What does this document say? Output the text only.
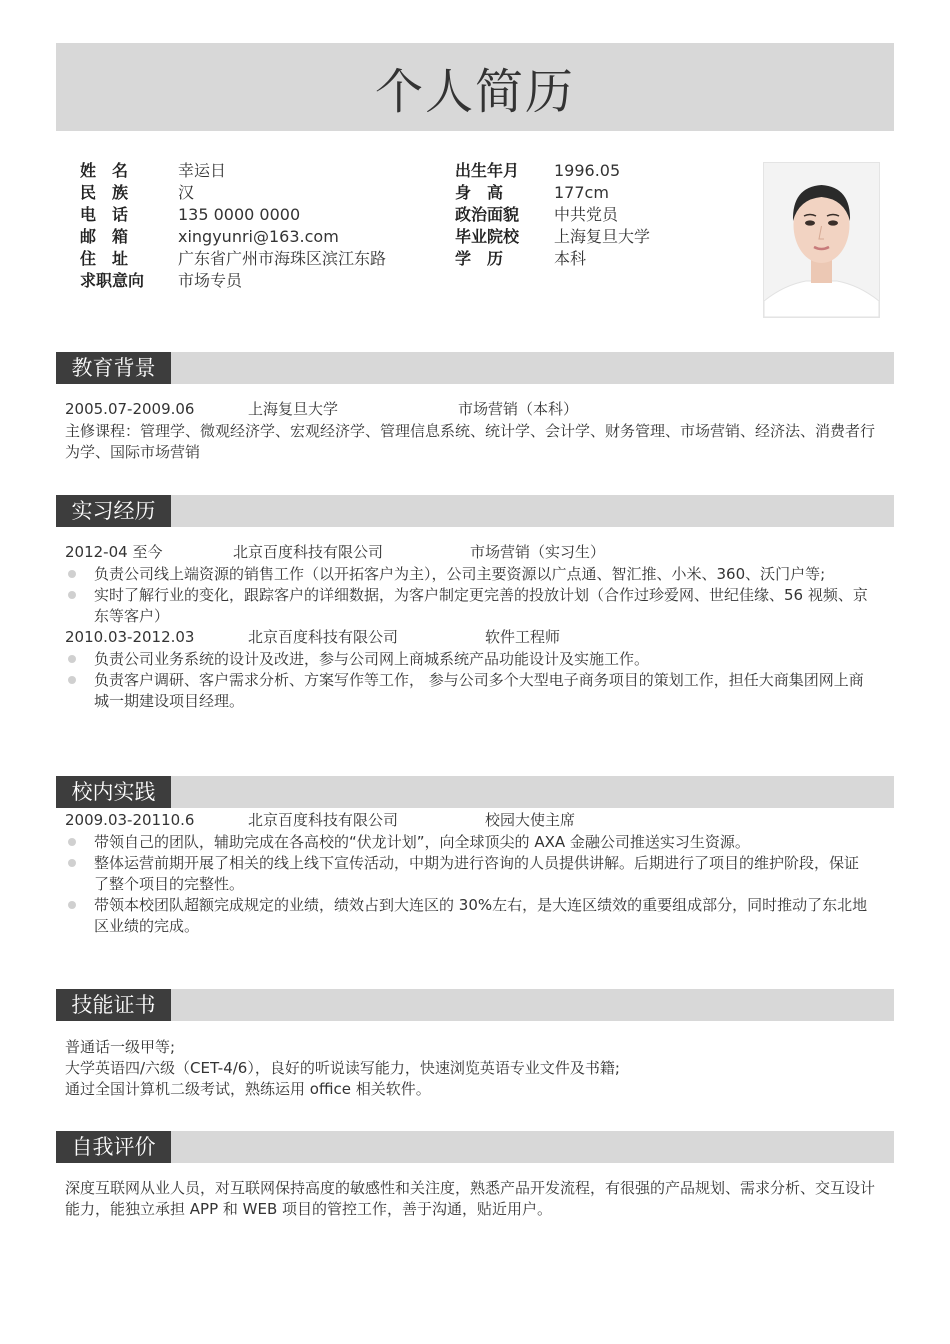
个人简历
姓　名	幸运日	出生年月 1996.05
民　族	汉	身　高	177cm
电　话	135 0000 0000	政治面貌 中共党员
邮　箱	xingyunri@163.com	毕业院校 上海复旦大学
住　址	广东省广州市海珠区滨江东路	学　历	本科
求职意向 市场专员
教育背景
2005.07-2009.06	上海复旦大学	市场营销（本科）
主修课程：管理学、微观经济学、宏观经济学、管理信息系统、统计学、会计学、财务管理、市场营销、经济法、消费者行为学、国际市场营销
实习经历
2012-04 至今	北京百度科技有限公司	市场营销（实习生）
负责公司线上端资源的销售工作（以开拓客户为主），公司主要资源以广点通、智汇推、小米、360、沃门户等;
实时了解行业的变化，跟踪客户的详细数据，为客户制定更完善的投放计划（合作过珍爱网、世纪佳缘、56 视频、京东等客户）
2010.03-2012.03	北京百度科技有限公司	软件工程师
负责公司业务系统的设计及改进，参与公司网上商城系统产品功能设计及实施工作。
负责客户调研、客户需求分析、方案写作等工作， 参与公司多个大型电子商务项目的策划工作，担任大商集团网上商城一期建设项目经理。
校内实践
2009.03-20110.6	北京百度科技有限公司	校园大使主席
带领自己的团队，辅助完成在各高校的“伏龙计划”，向全球顶尖的 AXA 金融公司推送实习生资源。
整体运营前期开展了相关的线上线下宣传活动，中期为进行咨询的人员提供讲解。后期进行了项目的维护阶段，保证了整个项目的完整性。
带领本校团队超额完成规定的业绩，绩效占到大连区的 30%左右，是大连区绩效的重要组成部分，同时推动了东北地区业绩的完成。
技能证书
普通话一级甲等;
大学英语四/六级（CET-4/6），良好的听说读写能力，快速浏览英语专业文件及书籍;
通过全国计算机二级考试，熟练运用 office 相关软件。
自我评价
深度互联网从业人员，对互联网保持高度的敏感性和关注度，熟悉产品开发流程，有很强的产品规划、需求分析、交互设计能力，能独立承担 APP 和 WEB 项目的管控工作，善于沟通，贴近用户。
